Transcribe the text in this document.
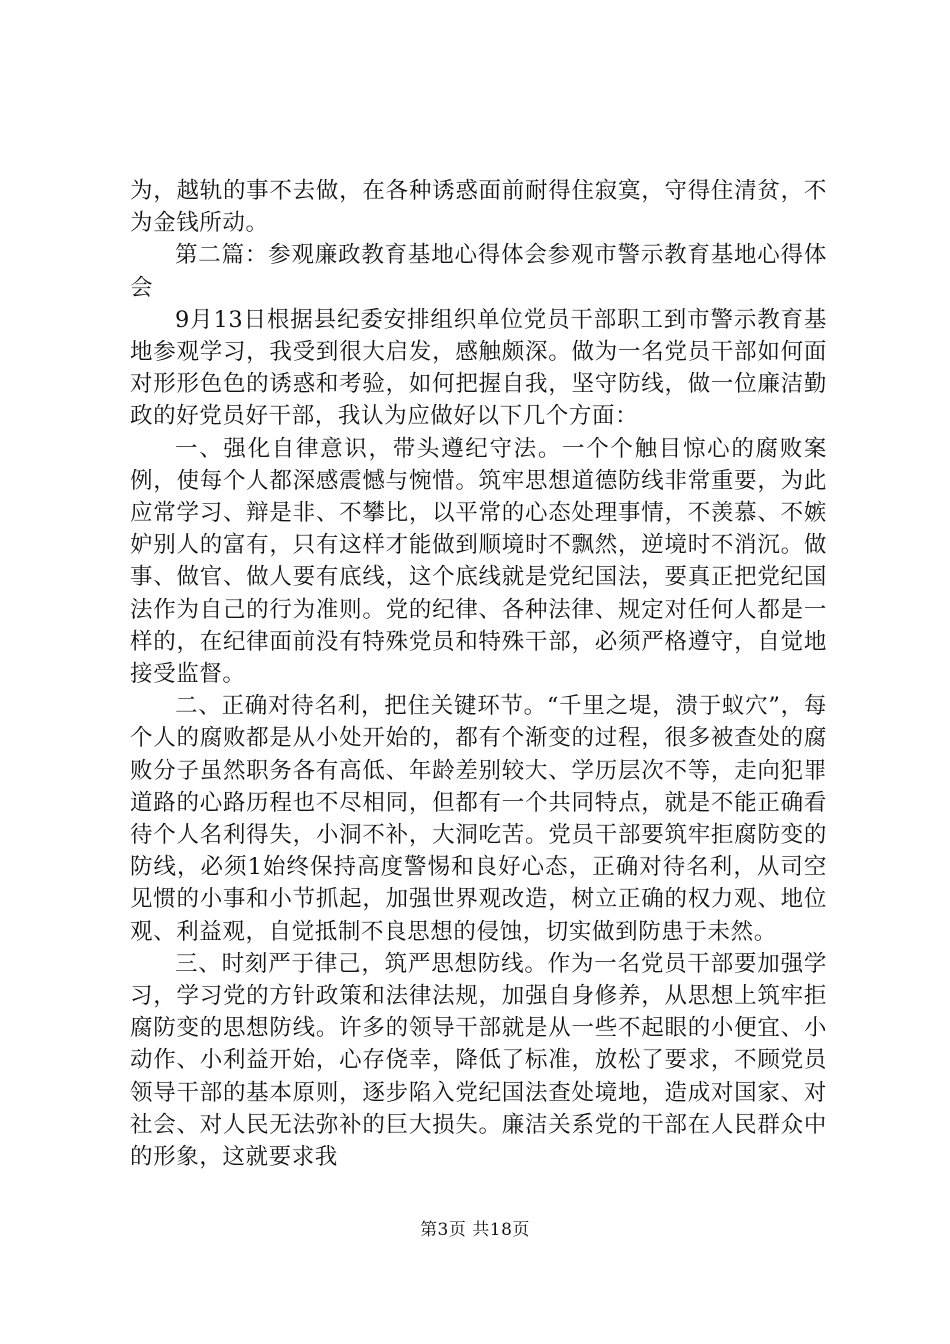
为，越轨的事不去做，在各种诱惑面前耐得住寂寞，守得住清贫，不为金钱所动。

第二篇：参观廉政教育基地心得体会参观市警示教育基地心得体会

9月13日根据县纪委安排组织单位党员干部职工到市警示教育基地参观学习，我受到很大启发，感触颇深。做为一名党员干部如何面对形形色色的诱惑和考验，如何把握自我，坚守防线，做一位廉洁勤政的好党员好干部，我认为应做好以下几个方面：

一、强化自律意识，带头遵纪守法。一个个触目惊心的腐败案例，使每个人都深感震憾与惋惜。筑牢思想道德防线非常重要，为此应常学习、辩是非、不攀比，以平常的心态处理事情，不羡慕、不嫉妒别人的富有，只有这样才能做到顺境时不飘然，逆境时不消沉。做事、做官、做人要有底线，这个底线就是党纪国法，要真正把党纪国法作为自己的行为准则。党的纪律、各种法律、规定对任何人都是一样的，在纪律面前没有特殊党员和特殊干部，必须严格遵守，自觉地接受监督。

二、正确对待名利，把住关键环节。“千里之堤，溃于蚁穴”，每个人的腐败都是从小处开始的，都有个渐变的过程，很多被查处的腐败分子虽然职务各有高低、年龄差别较大、学历层次不等，走向犯罪道路的心路历程也不尽相同，但都有一个共同特点，就是不能正确看待个人名利得失，小洞不补，大洞吃苦。党员干部要筑牢拒腐防变的防线，必须1始终保持高度警惕和良好心态，正确对待名利，从司空见惯的小事和小节抓起，加强世界观改造，树立正确的权力观、地位观、利益观，自觉抵制不良思想的侵蚀，切实做到防患于未然。

三、时刻严于律己，筑严思想防线。作为一名党员干部要加强学习，学习党的方针政策和法律法规，加强自身修养，从思想上筑牢拒腐防变的思想防线。许多的领导干部就是从一些不起眼的小便宜、小动作、小利益开始，心存侥幸，降低了标准，放松了要求，不顾党员领导干部的基本原则，逐步陷入党纪国法查处境地，造成对国家、对社会、对人民无法弥补的巨大损失。廉洁关系党的干部在人民群众中的形象，这就要求我

第3页 共18页
